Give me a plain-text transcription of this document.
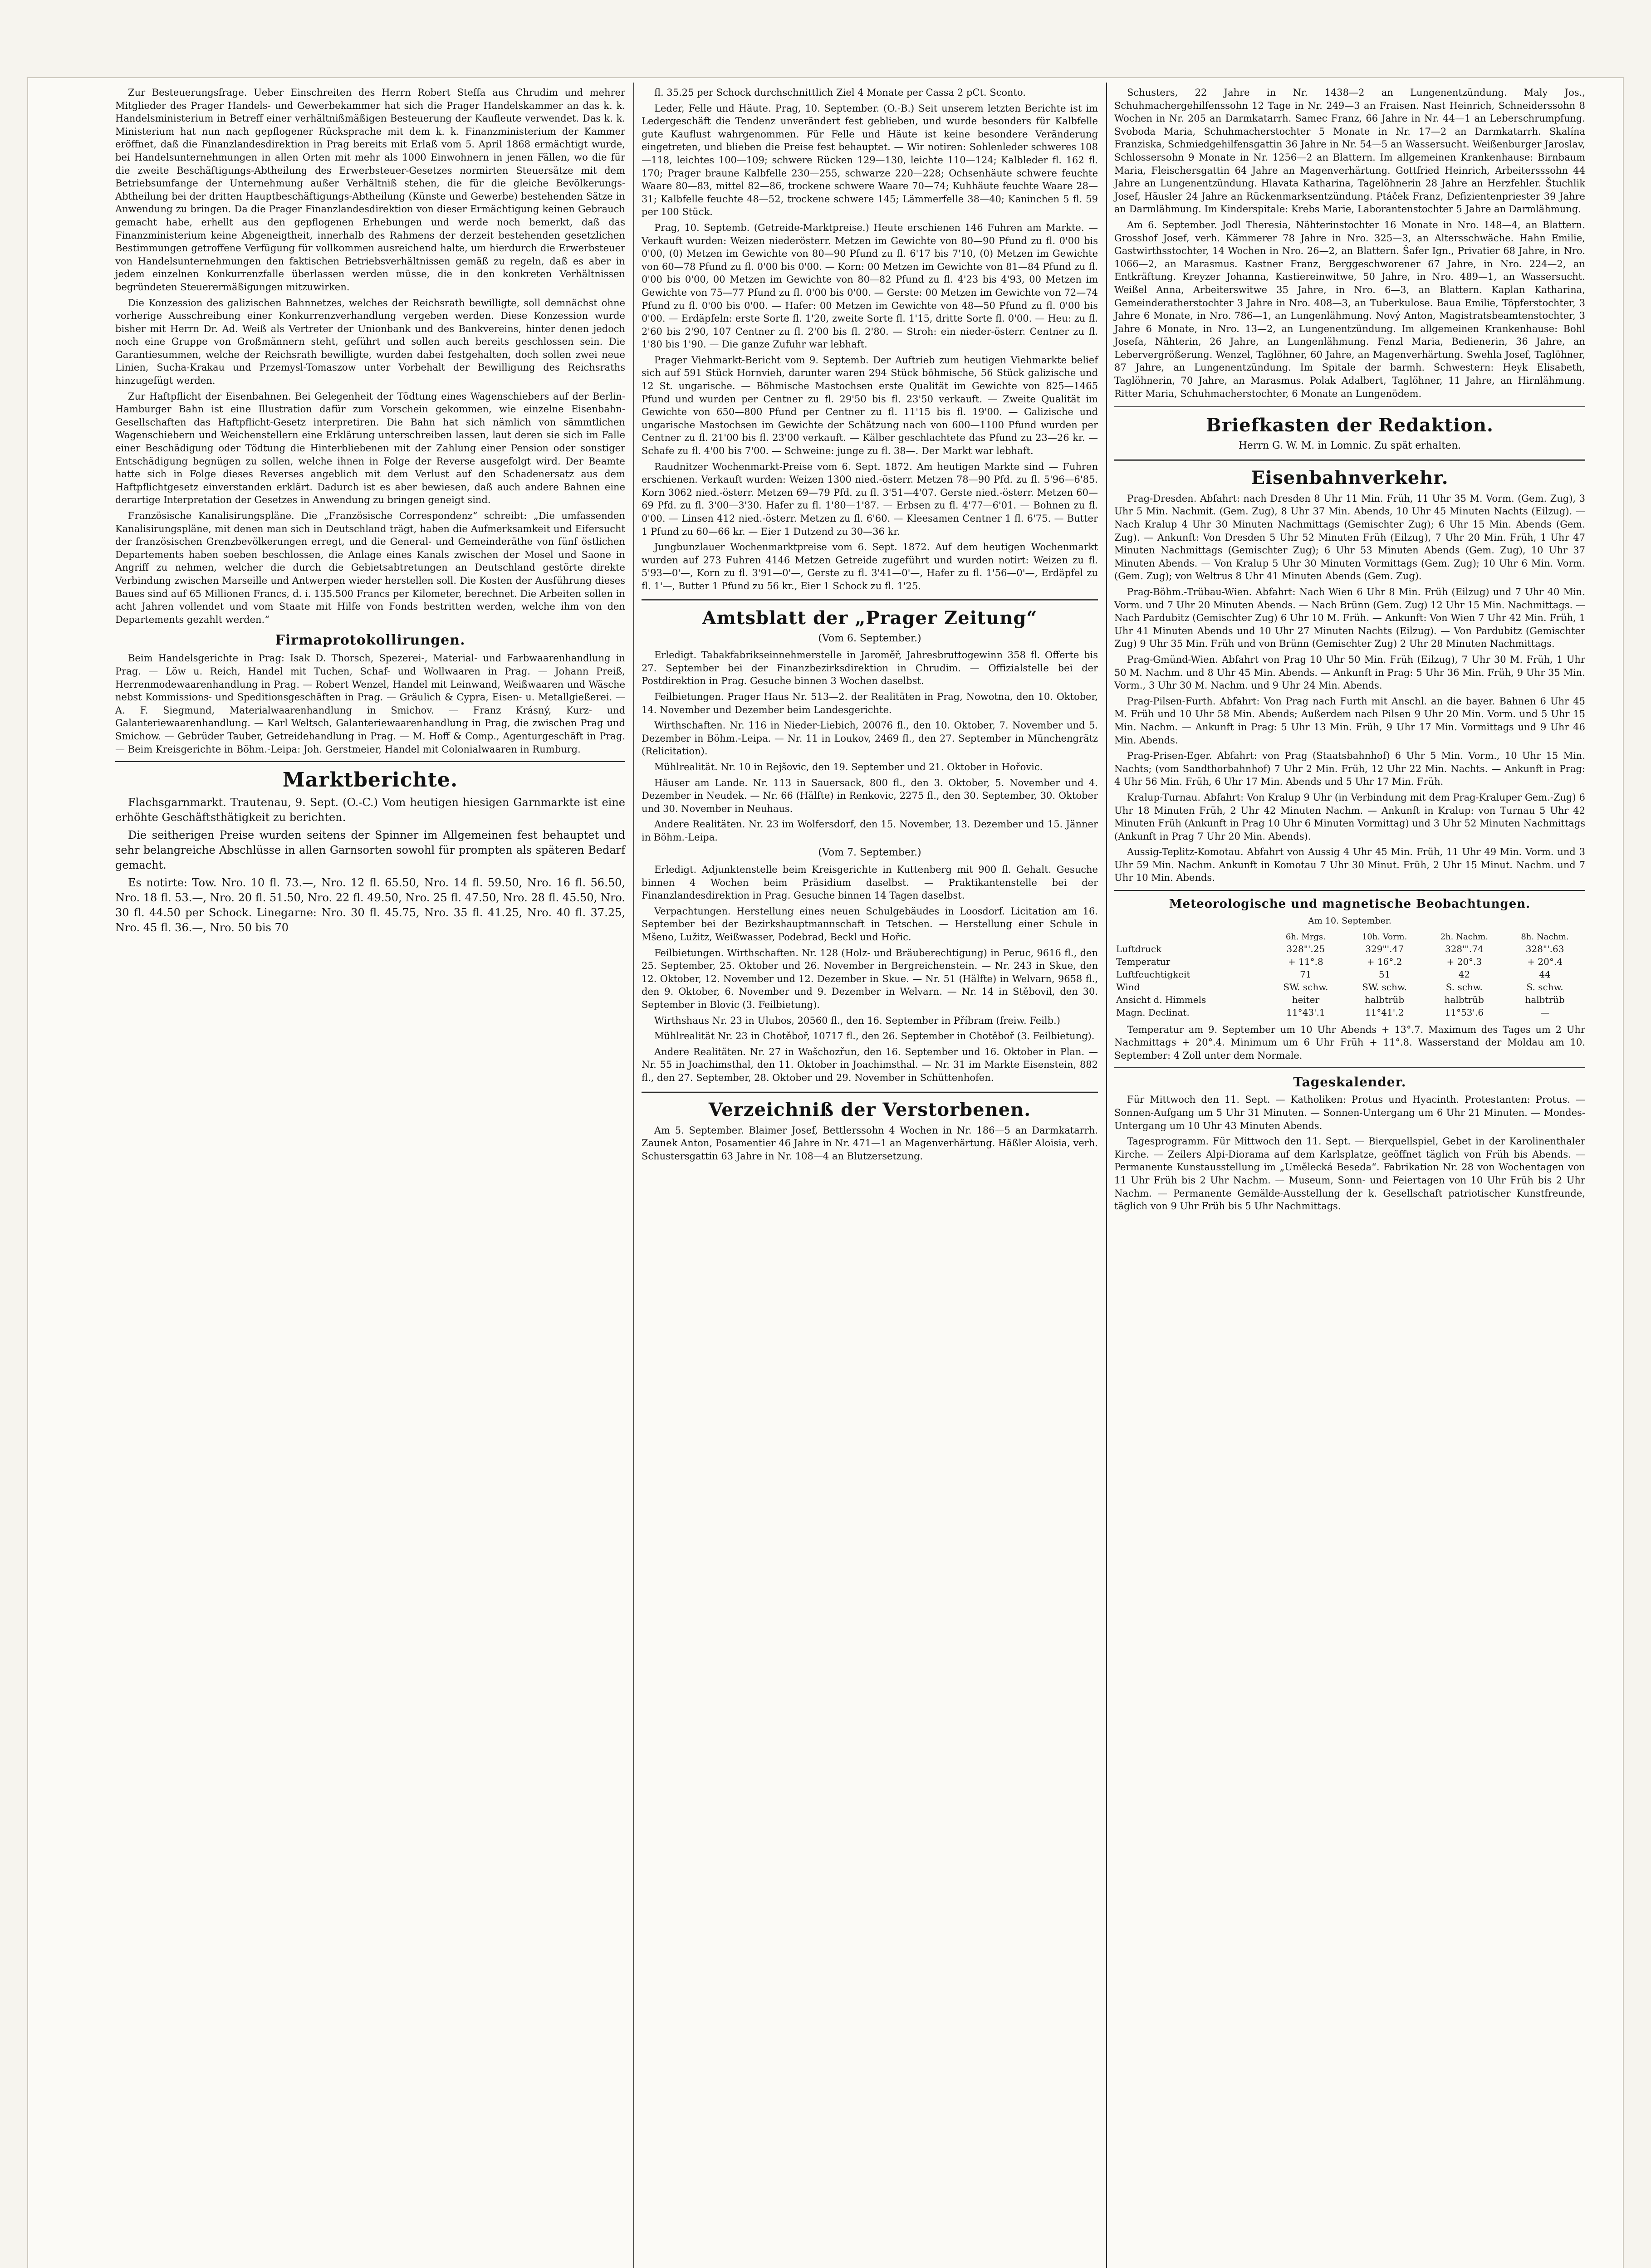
Zur Besteuerungsfrage. Ueber Einschreiten des Herrn Robert Steffa aus Chrudim und mehrer Mitglieder des Prager Handels- und Gewerbekammer hat sich die Prager Handelskammer an das k. k. Handelsministerium in Betreff einer verhältnißmäßigen Besteuerung der Kaufleute verwendet. Das k. k. Ministerium hat nun nach gepflogener Rücksprache mit dem k. k. Finanzministerium der Kammer eröffnet, daß die Finanzlandesdirektion in Prag bereits mit Erlaß vom 5. April 1868 ermächtigt wurde, bei Handelsunternehmungen in allen Orten mit mehr als 1000 Einwohnern in jenen Fällen, wo die für die zweite Beschäftigungs-Abtheilung des Erwerbsteuer-Gesetzes normirten Steuersätze mit dem Betriebsumfange der Unternehmung außer Verhältniß stehen, die für die gleiche Bevölkerungs-Abtheilung bei der dritten Hauptbeschäftigungs-Abtheilung (Künste und Gewerbe) bestehenden Sätze in Anwendung zu bringen. Da die Prager Finanzlandesdirektion von dieser Ermächtigung keinen Gebrauch gemacht habe, erhellt aus den gepflogenen Erhebungen und werde noch bemerkt, daß das Finanzministerium keine Abgeneigtheit, innerhalb des Rahmens der derzeit bestehenden gesetzlichen Bestimmungen getroffene Verfügung für vollkommen ausreichend halte, um hierdurch die Erwerbsteuer von Handelsunternehmungen den faktischen Betriebsverhältnissen gemäß zu regeln, daß es aber in jedem einzelnen Konkurrenzfalle überlassen werden müsse, die in den konkreten Verhältnissen begründeten Steuerermäßigungen mitzuwirken.

Die Konzession des galizischen Bahnnetzes, welches der Reichsrath bewilligte, soll demnächst ohne vorherige Ausschreibung einer Konkurrenzverhandlung vergeben werden. Diese Konzession wurde bisher mit Herrn Dr. Ad. Weiß als Vertreter der Unionbank und des Bankvereins, hinter denen jedoch noch eine Gruppe von Großmännern steht, geführt und sollen auch bereits geschlossen sein. Die Garantiesummen, welche der Reichsrath bewilligte, wurden dabei festgehalten, doch sollen zwei neue Linien, Sucha-Krakau und Przemysl-Tomaszow unter Vorbehalt der Bewilligung des Reichsraths hinzugefügt werden.

Zur Haftpflicht der Eisenbahnen. Bei Gelegenheit der Tödtung eines Wagenschiebers auf der Berlin-Hamburger Bahn ist eine Illustration dafür zum Vorschein gekommen, wie einzelne Eisenbahn-Gesellschaften das Haftpflicht-Gesetz interpretiren. Die Bahn hat sich nämlich von sämmtlichen Wagenschiebern und Weichenstellern eine Erklärung unterschreiben lassen, laut deren sie sich im Falle einer Beschädigung oder Tödtung die Hinterbliebenen mit der Zahlung einer Pension oder sonstiger Entschädigung begnügen zu sollen, welche ihnen in Folge der Reverse ausgefolgt wird. Der Beamte hatte sich in Folge dieses Reverses angeblich mit dem Verlust auf den Schadenersatz aus dem Haftpflichtgesetz einverstanden erklärt. Dadurch ist es aber bewiesen, daß auch andere Bahnen eine derartige Interpretation der Gesetzes in Anwendung zu bringen geneigt sind.

Französische Kanalisirungspläne. Die „Französische Correspondenz“ schreibt: „Die umfassenden Kanalisirungspläne, mit denen man sich in Deutschland trägt, haben die Aufmerksamkeit und Eifersucht der französischen Grenzbevölkerungen erregt, und die General- und Gemeinderäthe von fünf östlichen Departements haben soeben beschlossen, die Anlage eines Kanals zwischen der Mosel und Saone in Angriff zu nehmen, welcher die durch die Gebietsabtretungen an Deutschland gestörte direkte Verbindung zwischen Marseille und Antwerpen wieder herstellen soll. Die Kosten der Ausführung dieses Baues sind auf 65 Millionen Francs, d. i. 135.500 Francs per Kilometer, berechnet. Die Arbeiten sollen in acht Jahren vollendet und vom Staate mit Hilfe von Fonds bestritten werden, welche ihm von den Departements gezahlt werden.“

Firmaprotokollirungen.

Beim Handelsgerichte in Prag: Isak D. Thorsch, Spezerei-, Material- und Farbwaarenhandlung in Prag. — Löw u. Reich, Handel mit Tuchen, Schaf- und Wollwaaren in Prag. — Johann Preiß, Herrenmodewaarenhandlung in Prag. — Robert Wenzel, Handel mit Leinwand, Weißwaaren und Wäsche nebst Kommissions- und Speditionsgeschäften in Prag. — Gräulich & Cypra, Eisen- u. Metallgießerei. — A. F. Siegmund, Materialwaarenhandlung in Smichov. — Franz Krásný, Kurz- und Galanteriewaarenhandlung. — Karl Weltsch, Galanteriewaarenhandlung in Prag, die zwischen Prag und Smichow. — Gebrüder Tauber, Getreidehandlung in Prag. — M. Hoff & Comp., Agenturgeschäft in Prag. — Beim Kreisgerichte in Böhm.-Leipa: Joh. Gerstmeier, Handel mit Colonialwaaren in Rumburg.

Marktberichte.

Flachsgarnmarkt. Trautenau, 9. Sept. (O.-C.) Vom heutigen hiesigen Garnmarkte ist eine erhöhte Geschäftsthätigkeit zu berichten.

Die seitherigen Preise wurden seitens der Spinner im Allgemeinen fest behauptet und sehr belangreiche Abschlüsse in allen Garnsorten sowohl für prompten als späteren Bedarf gemacht.

Es notirte: Tow. Nro. 10 fl. 73.—, Nro. 12 fl. 65.50, Nro. 14 fl. 59.50, Nro. 16 fl. 56.50, Nro. 18 fl. 53.—, Nro. 20 fl. 51.50, Nro. 22 fl. 49.50, Nro. 25 fl. 47.50, Nro. 28 fl. 45.50, Nro. 30 fl. 44.50 per Schock. Linegarne: Nro. 30 fl. 45.75, Nro. 35 fl. 41.25, Nro. 40 fl. 37.25, Nro. 45 fl. 36.—, Nro. 50 bis 70

fl. 35.25 per Schock durchschnittlich Ziel 4 Monate per Cassa 2 pCt. Sconto.

Leder, Felle und Häute. Prag, 10. September. (O.-B.) Seit unserem letzten Berichte ist im Ledergeschäft die Tendenz unverändert fest geblieben, und wurde besonders für Kalbfelle gute Kauflust wahrgenommen. Für Felle und Häute ist keine besondere Veränderung eingetreten, und blieben die Preise fest behauptet. — Wir notiren: Sohlenleder schweres 108—118, leichtes 100—109; schwere Rücken 129—130, leichte 110—124; Kalbleder fl. 162 fl. 170; Prager braune Kalbfelle 230—255, schwarze 220—228; Ochsenhäute schwere feuchte Waare 80—83, mittel 82—86, trockene schwere Waare 70—74; Kuhhäute feuchte Waare 28—31; Kalbfelle feuchte 48—52, trockene schwere 145; Lämmerfelle 38—40; Kaninchen 5 fl. 59 per 100 Stück.

Prag, 10. Septemb. (Getreide-Marktpreise.) Heute erschienen 146 Fuhren am Markte. — Verkauft wurden: Weizen niederösterr. Metzen im Gewichte von 80—90 Pfund zu fl. 0'00 bis 0'00, (0) Metzen im Gewichte von 80—90 Pfund zu fl. 6'17 bis 7'10, (0) Metzen im Gewichte von 60—78 Pfund zu fl. 0'00 bis 0'00. — Korn: 00 Metzen im Gewichte von 81—84 Pfund zu fl. 0'00 bis 0'00, 00 Metzen im Gewichte von 80—82 Pfund zu fl. 4'23 bis 4'93, 00 Metzen im Gewichte von 75—77 Pfund zu fl. 0'00 bis 0'00. — Gerste: 00 Metzen im Gewichte von 72—74 Pfund zu fl. 0'00 bis 0'00. — Hafer: 00 Metzen im Gewichte von 48—50 Pfund zu fl. 0'00 bis 0'00. — Erdäpfeln: erste Sorte fl. 1'20, zweite Sorte fl. 1'15, dritte Sorte fl. 0'00. — Heu: zu fl. 2'60 bis 2'90, 107 Centner zu fl. 2'00 bis fl. 2'80. — Stroh: ein nieder-österr. Centner zu fl. 1'80 bis 1'90. — Die ganze Zufuhr war lebhaft.

Prager Viehmarkt-Bericht vom 9. Septemb. Der Auftrieb zum heutigen Viehmarkte belief sich auf 591 Stück Hornvieh, darunter waren 294 Stück böhmische, 56 Stück galizische und 12 St. ungarische. — Böhmische Mastochsen erste Qualität im Gewichte von 825—1465 Pfund und wurden per Centner zu fl. 29'50 bis fl. 23'50 verkauft. — Zweite Qualität im Gewichte von 650—800 Pfund per Centner zu fl. 11'15 bis fl. 19'00. — Galizische und ungarische Mastochsen im Gewichte der Schätzung nach von 600—1100 Pfund wurden per Centner zu fl. 21'00 bis fl. 23'00 verkauft. — Kälber geschlachtete das Pfund zu 23—26 kr. — Schafe zu fl. 4'00 bis 7'00. — Schweine: junge zu fl. 38—. Der Markt war lebhaft.

Raudnitzer Wochenmarkt-Preise vom 6. Sept. 1872. Am heutigen Markte sind — Fuhren erschienen. Verkauft wurden: Weizen 1300 nied.-österr. Metzen 78—90 Pfd. zu fl. 5'96—6'85. Korn 3062 nied.-österr. Metzen 69—79 Pfd. zu fl. 3'51—4'07. Gerste nied.-österr. Metzen 60—69 Pfd. zu fl. 3'00—3'30. Hafer zu fl. 1'80—1'87. — Erbsen zu fl. 4'77—6'01. — Bohnen zu fl. 0'00. — Linsen 412 nied.-österr. Metzen zu fl. 6'60. — Kleesamen Centner 1 fl. 6'75. — Butter 1 Pfund zu 60—66 kr. — Eier 1 Dutzend zu 30—36 kr.

Jungbunzlauer Wochenmarktpreise vom 6. Sept. 1872. Auf dem heutigen Wochenmarkt wurden auf 273 Fuhren 4146 Metzen Getreide zugeführt und wurden notirt: Weizen zu fl. 5'93—0'—, Korn zu fl. 3'91—0'—, Gerste zu fl. 3'41—0'—, Hafer zu fl. 1'56—0'—, Erdäpfel zu fl. 1'—, Butter 1 Pfund zu 56 kr., Eier 1 Schock zu fl. 1'25.

Amtsblatt der „Prager Zeitung“

(Vom 6. September.)

Erledigt. Tabakfabrikseinnehmerstelle in Jaroměř, Jahresbruttogewinn 358 fl. Offerte bis 27. September bei der Finanzbezirksdirektion in Chrudim. — Offizialstelle bei der Postdirektion in Prag. Gesuche binnen 3 Wochen daselbst.

Feilbietungen. Prager Haus Nr. 513—2. der Realitäten in Prag, Nowotna, den 10. Oktober, 14. November und Dezember beim Landesgerichte.

Wirthschaften. Nr. 116 in Nieder-Liebich, 20076 fl., den 10. Oktober, 7. November und 5. Dezember in Böhm.-Leipa. — Nr. 11 in Loukov, 2469 fl., den 27. September in Münchengrätz (Relicitation).

Mühlrealität. Nr. 10 in Rejšovic, den 19. September und 21. Oktober in Hořovic.

Häuser am Lande. Nr. 113 in Sauersack, 800 fl., den 3. Oktober, 5. November und 4. Dezember in Neudek. — Nr. 66 (Hälfte) in Renkovic, 2275 fl., den 30. September, 30. Oktober und 30. November in Neuhaus.

Andere Realitäten. Nr. 23 im Wolfersdorf, den 15. November, 13. Dezember und 15. Jänner in Böhm.-Leipa.

(Vom 7. September.)

Erledigt. Adjunktenstelle beim Kreisgerichte in Kuttenberg mit 900 fl. Gehalt. Gesuche binnen 4 Wochen beim Präsidium daselbst. — Praktikantenstelle bei der Finanzlandesdirektion in Prag. Gesuche binnen 14 Tagen daselbst.

Verpachtungen. Herstellung eines neuen Schulgebäudes in Loosdorf. Licitation am 16. September bei der Bezirkshauptmannschaft in Tetschen. — Herstellung einer Schule in Mšeno, Lužitz, Weißwasser, Podebrad, Beckl und Hořic.

Feilbietungen. Wirthschaften. Nr. 128 (Holz- und Bräuberechtigung) in Peruc, 9616 fl., den 25. September, 25. Oktober und 26. November in Bergreichenstein. — Nr. 243 in Skue, den 12. Oktober, 12. November und 12. Dezember in Skue. — Nr. 51 (Hälfte) in Welvarn, 9658 fl., den 9. Oktober, 6. November und 9. Dezember in Welvarn. — Nr. 14 in Stěbovil, den 30. September in Blovic (3. Feilbietung).

Wirthshaus Nr. 23 in Ulubos, 20560 fl., den 16. September in Příbram (freiw. Feilb.)

Mühlrealität Nr. 23 in Chotěboř, 10717 fl., den 26. September in Chotěboř (3. Feilbietung).

Andere Realitäten. Nr. 27 in Wašchozřun, den 16. September und 16. Oktober in Plan. — Nr. 55 in Joachimsthal, den 11. Oktober in Joachimsthal. — Nr. 31 im Markte Eisenstein, 882 fl., den 27. September, 28. Oktober und 29. November in Schüttenhofen.

Verzeichniß der Verstorbenen.

Am 5. September. Blaimer Josef, Bettlerssohn 4 Wochen in Nr. 186—5 an Darmkatarrh. Zaunek Anton, Posamentier 46 Jahre in Nr. 471—1 an Magenverhärtung. Häßler Aloisia, verh. Schustersgattin 63 Jahre in Nr. 108—4 an Blutzersetzung.

Schusters, 22 Jahre in Nr. 1438—2 an Lungenentzündung. Maly Jos., Schuhmachergehilfenssohn 12 Tage in Nr. 249—3 an Fraisen. Nast Heinrich, Schneiderssohn 8 Wochen in Nr. 205 an Darmkatarrh. Samec Franz, 66 Jahre in Nr. 44—1 an Leberschrumpfung. Svoboda Maria, Schuhmacherstochter 5 Monate in Nr. 17—2 an Darmkatarrh. Skalína Franziska, Schmiedgehilfensgattin 36 Jahre in Nr. 54—5 an Wassersucht. Weißenburger Jaroslav, Schlossersohn 9 Monate in Nr. 1256—2 an Blattern. Im allgemeinen Krankenhause: Birnbaum Maria, Fleischersgattin 64 Jahre an Magenverhärtung. Gottfried Heinrich, Arbeitersssohn 44 Jahre an Lungenentzündung. Hlavata Katharina, Tagelöhnerin 28 Jahre an Herzfehler. Štuchlik Josef, Häusler 24 Jahre an Rückenmarksentzündung. Ptáček Franz, Defizientenpriester 39 Jahre an Darmlähmung. Im Kinderspitale: Krebs Marie, Laborantenstochter 5 Jahre an Darmlähmung.

Am 6. September. Jodl Theresia, Nähterinstochter 16 Monate in Nro. 148—4, an Blattern. Grosshof Josef, verh. Kämmerer 78 Jahre in Nro. 325—3, an Altersschwäche. Hahn Emilie, Gastwirthsstochter, 14 Wochen in Nro. 26—2, an Blattern. Šafer Ign., Privatier 68 Jahre, in Nro. 1066—2, an Marasmus. Kastner Franz, Berggeschworener 67 Jahre, in Nro. 224—2, an Entkräftung. Kreyzer Johanna, Kastiereinwitwe, 50 Jahre, in Nro. 489—1, an Wassersucht. Weißel Anna, Arbeiterswitwe 35 Jahre, in Nro. 6—3, an Blattern. Kaplan Katharina, Gemeinderatherstochter 3 Jahre in Nro. 408—3, an Tuberkulose. Baua Emilie, Töpferstochter, 3 Jahre 6 Monate, in Nro. 786—1, an Lungenlähmung. Nový Anton, Magistratsbeamtenstochter, 3 Jahre 6 Monate, in Nro. 13—2, an Lungenentzündung. Im allgemeinen Krankenhause: Bohl Josefa, Nähterin, 26 Jahre, an Lungenlähmung. Fenzl Maria, Bedienerin, 36 Jahre, an Lebervergrößerung. Wenzel, Taglöhner, 60 Jahre, an Magenverhärtung. Swehla Josef, Taglöhner, 87 Jahre, an Lungenentzündung. Im Spitale der barmh. Schwestern: Heyk Elisabeth, Taglöhnerin, 70 Jahre, an Marasmus. Polak Adalbert, Taglöhner, 11 Jahre, an Hirnlähmung. Ritter Maria, Schuhmacherstochter, 6 Monate an Lungenödem.

Briefkasten der Redaktion.

Herrn G. W. M. in Lomnic. Zu spät erhalten.

Eisenbahnverkehr.

Prag-Dresden. Abfahrt: nach Dresden 8 Uhr 11 Min. Früh, 11 Uhr 35 M. Vorm. (Gem. Zug), 3 Uhr 5 Min. Nachmit. (Gem. Zug), 8 Uhr 37 Min. Abends, 10 Uhr 45 Minuten Nachts (Eilzug). — Nach Kralup 4 Uhr 30 Minuten Nachmittags (Gemischter Zug); 6 Uhr 15 Min. Abends (Gem. Zug). — Ankunft: Von Dresden 5 Uhr 52 Minuten Früh (Eilzug), 7 Uhr 20 Min. Früh, 1 Uhr 47 Minuten Nachmittags (Gemischter Zug); 6 Uhr 53 Minuten Abends (Gem. Zug), 10 Uhr 37 Minuten Abends. — Von Kralup 5 Uhr 30 Minuten Vormittags (Gem. Zug); 10 Uhr 6 Min. Vorm. (Gem. Zug); von Weltrus 8 Uhr 41 Minuten Abends (Gem. Zug).

Prag-Böhm.-Trübau-Wien. Abfahrt: Nach Wien 6 Uhr 8 Min. Früh (Eilzug) und 7 Uhr 40 Min. Vorm. und 7 Uhr 20 Minuten Abends. — Nach Brünn (Gem. Zug) 12 Uhr 15 Min. Nachmittags. — Nach Pardubitz (Gemischter Zug) 6 Uhr 10 M. Früh. — Ankunft: Von Wien 7 Uhr 42 Min. Früh, 1 Uhr 41 Minuten Abends und 10 Uhr 27 Minuten Nachts (Eilzug). — Von Pardubitz (Gemischter Zug) 9 Uhr 35 Min. Früh und von Brünn (Gemischter Zug) 2 Uhr 28 Minuten Nachmittags.

Prag-Gmünd-Wien. Abfahrt von Prag 10 Uhr 50 Min. Früh (Eilzug), 7 Uhr 30 M. Früh, 1 Uhr 50 M. Nachm. und 8 Uhr 45 Min. Abends. — Ankunft in Prag: 5 Uhr 36 Min. Früh, 9 Uhr 35 Min. Vorm., 3 Uhr 30 M. Nachm. und 9 Uhr 24 Min. Abends.

Prag-Pilsen-Furth. Abfahrt: Von Prag nach Furth mit Anschl. an die bayer. Bahnen 6 Uhr 45 M. Früh und 10 Uhr 58 Min. Abends; Außerdem nach Pilsen 9 Uhr 20 Min. Vorm. und 5 Uhr 15 Min. Nachm. — Ankunft in Prag: 5 Uhr 13 Min. Früh, 9 Uhr 17 Min. Vormittags und 9 Uhr 46 Min. Abends.

Prag-Prisen-Eger. Abfahrt: von Prag (Staatsbahnhof) 6 Uhr 5 Min. Vorm., 10 Uhr 15 Min. Nachts; (vom Sandthorbahnhof) 7 Uhr 2 Min. Früh, 12 Uhr 22 Min. Nachts. — Ankunft in Prag: 4 Uhr 56 Min. Früh, 6 Uhr 17 Min. Abends und 5 Uhr 17 Min. Früh.

Kralup-Turnau. Abfahrt: Von Kralup 9 Uhr (in Verbindung mit dem Prag-Kraluper Gem.-Zug) 6 Uhr 18 Minuten Früh, 2 Uhr 42 Minuten Nachm. — Ankunft in Kralup: von Turnau 5 Uhr 42 Minuten Früh (Ankunft in Prag 10 Uhr 6 Minuten Vormittag) und 3 Uhr 52 Minuten Nachmittags (Ankunft in Prag 7 Uhr 20 Min. Abends).

Aussig-Teplitz-Komotau. Abfahrt von Aussig 4 Uhr 45 Min. Früh, 11 Uhr 49 Min. Vorm. und 3 Uhr 59 Min. Nachm. Ankunft in Komotau 7 Uhr 30 Minut. Früh, 2 Uhr 15 Minut. Nachm. und 7 Uhr 10 Min. Abends.

Meteorologische und magnetische Beobachtungen.

Am 10. September.

	6h. Mrgs.	10h. Vorm.	2h. Nachm.	8h. Nachm.
Luftdruck	328"'.25	329"'.47	328"'.74	328"'.63
Temperatur	+ 11°.8	+ 16°.2	+ 20°.3	+ 20°.4
Luftfeuchtigkeit	71	51	42	44
Wind	SW. schw.	SW. schw.	S. schw.	S. schw.
Ansicht d. Himmels	heiter	halbtrüb	halbtrüb	halbtrüb
Magn. Declinat.	11°43'.1	11°41'.2	11°53'.6	—

Temperatur am 9. September um 10 Uhr Abends + 13°.7. Maximum des Tages um 2 Uhr Nachmittags + 20°.4. Minimum um 6 Uhr Früh + 11°.8. Wasserstand der Moldau am 10. September: 4 Zoll unter dem Normale.

Tageskalender.

Für Mittwoch den 11. Sept. — Katholiken: Protus und Hyacinth. Protestanten: Protus. — Sonnen-Aufgang um 5 Uhr 31 Minuten. — Sonnen-Untergang um 6 Uhr 21 Minuten. — Mondes-Untergang um 10 Uhr 43 Minuten Abends.

Tagesprogramm. Für Mittwoch den 11. Sept. — Bierquellspiel, Gebet in der Karolinenthaler Kirche. — Zeilers Alpi-Diorama auf dem Karlsplatze, geöffnet täglich von Früh bis Abends. — Permanente Kunstausstellung im „Umělecká Beseda“. Fabrikation Nr. 28 von Wochentagen von 11 Uhr Früh bis 2 Uhr Nachm. — Museum, Sonn- und Feiertagen von 10 Uhr Früh bis 2 Uhr Nachm. — Permanente Gemälde-Ausstellung der k. Gesellschaft patriotischer Kunstfreunde, täglich von 9 Uhr Früh bis 5 Uhr Nachmittags.
